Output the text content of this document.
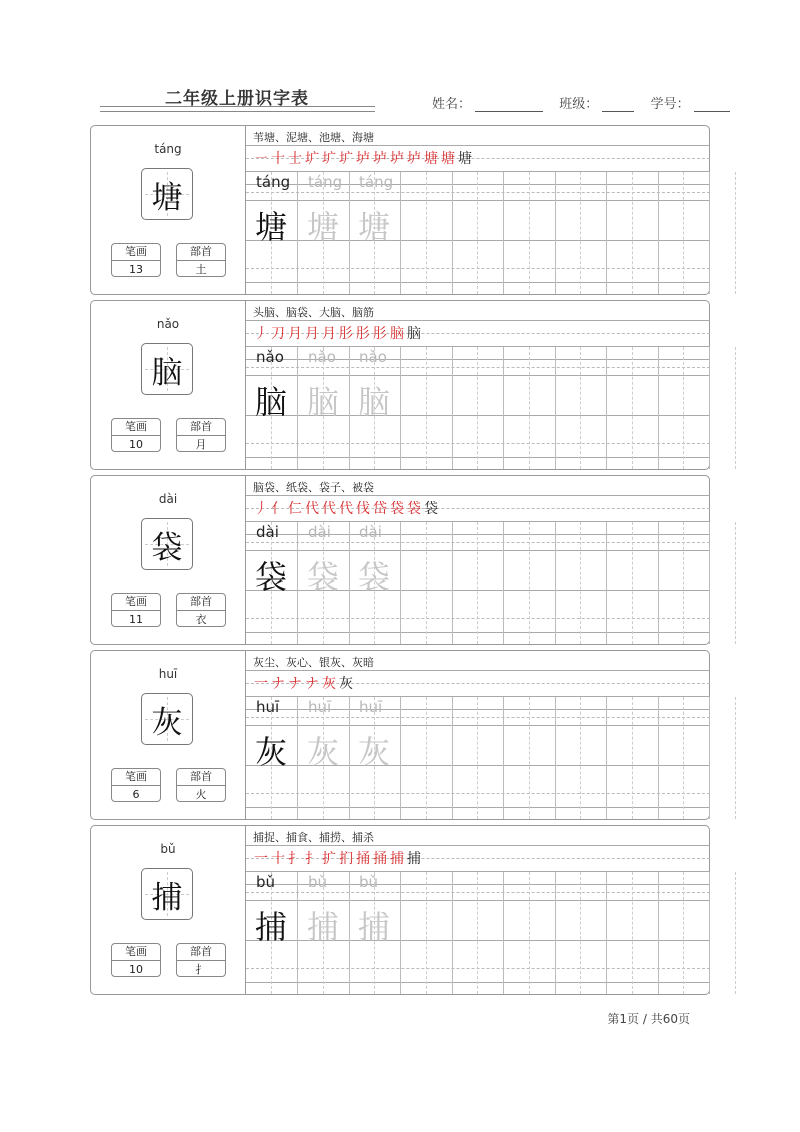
二年级上册识字表	姓名：	班级：	学号：
táng
塘
笔画
13
部首
土
苇塘、泥塘、池塘、海塘
㇐ 十 士 圹 圹 圹 垆 垆 垆 垆 塘 塘 塘
táng táng táng
塘 塘 塘
nǎo
脑
笔画
10
部首
月
头脑、脑袋、大脑、脑筋
丿 刀 月 月 月 肜 肜 肜 脑 脑
nǎo nǎo nǎo
脑 脑 脑
dài
袋
笔画
11
部首
衣
脑袋、纸袋、袋子、被袋
丿 亻 仁 代 代 代 伐 岱 袋 袋 袋
dài dài dài
袋 袋 袋
huī
灰
笔画
6
部首
火
灰尘、灰心、银灰、灰暗
一 ナ ナ ナ 灰 灰
huī huī huī
灰 灰 灰
bǔ
捕
笔画
10
部首
扌
捕捉、捕食、捕捞、捕杀
一 十 扌 扌 扩 扪 捅 捅 捕 捕
bǔ bǔ bǔ
捕 捕 捕
第1页 / 共60页
